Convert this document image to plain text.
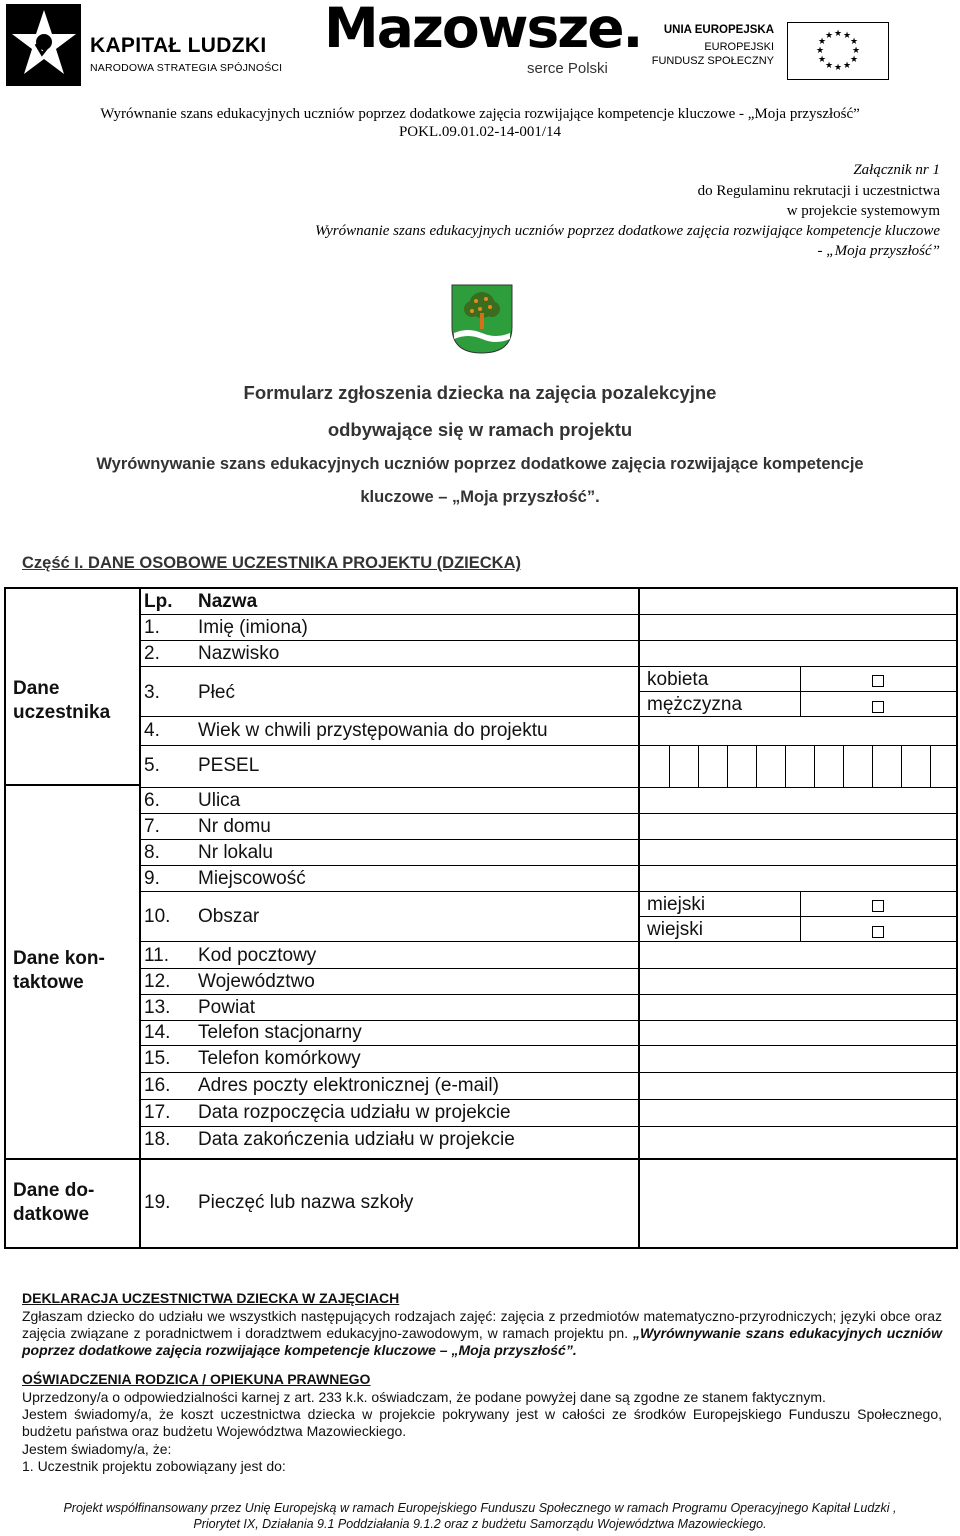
KAPITAŁ LUDZKI
NARODOWA STRATEGIA SPÓJNOŚCI
Mazowsze.
serce Polski
UNIA EUROPEJSKA
EUROPEJSKI
FUNDUSZ SPOŁECZNY
★ ★
★
★
★
★
★
★
★
★
★
★
Wyrównanie szans edukacyjnych uczniów poprzez dodatkowe zajęcia rozwijające kompetencje kluczowe - „Moja przyszłość”
POKL.09.01.02-14-001/14
Załącznik nr 1
do Regulaminu rekrutacji i uczestnictwa
w projekcie systemowym
Wyrównanie szans edukacyjnych uczniów poprzez dodatkowe zajęcia rozwijające kompetencje kluczowe
- „Moja przyszłość”
Formularz zgłoszenia dziecka na zajęcia pozalekcyjne
odbywające się w ramach projektu
Wyrównywanie szans edukacyjnych uczniów poprzez dodatkowe zajęcia rozwijające kompetencje
kluczowe – „Moja przyszłość”.
Część I. DANE OSOBOWE UCZESTNIKA PROJEKTU (DZIECKA)
Dane
uczestnika
Dane kon-
taktowe
Dane do-
datkowe
Lp. Nazwa
1. Imię (imiona)
2. Nazwisko
3. Płeć
4. Wiek w chwili przystępowania do projektu
5. PESEL
6. Ulica
7. Nr domu
8. Nr lokalu
9. Miejscowość
10. Obszar
11. Kod pocztowy
12. Województwo
13. Powiat
14. Telefon stacjonarny
15. Telefon komórkowy
16. Adres poczty elektronicznej (e-mail)
17. Data rozpoczęcia udziału w projekcie
18. Data zakończenia udziału w projekcie
19. Pieczęć lub nazwa szkoły
kobieta
mężczyzna
miejski
wiejski
DEKLARACJA UCZESTNICTWA DZIECKA W ZAJĘCIACH
Zgłaszam dziecko do udziału we wszystkich następujących rodzajach zajęć: zajęcia z przedmiotów matematyczno-przyrodniczych; języki obce oraz zajęcia związane z poradnictwem i doradztwem edukacyjno-zawodowym, w ramach projektu pn. „Wyrównywanie szans edukacyjnych uczniów poprzez dodatkowe zajęcia rozwijające kompetencje kluczowe – „Moja przyszłość”.
OŚWIADCZENIA RODZICA / OPIEKUNA PRAWNEGO
Uprzedzony/a o odpowiedzialności karnej z art. 233 k.k. oświadczam, że podane powyżej dane są zgodne ze stanem faktycznym.
Jestem świadomy/a, że koszt uczestnictwa dziecka w projekcie pokrywany jest w całości ze środków Europejskiego Funduszu Społecznego, budżetu państwa oraz budżetu Województwa Mazowieckiego.
Jestem świadomy/a, że:
1. Uczestnik projektu zobowiązany jest do:
Projekt współfinansowany przez Unię Europejską w ramach Europejskiego Funduszu Społecznego w ramach Programu Operacyjnego Kapitał Ludzki ,
Priorytet IX, Działania 9.1 Poddziałania 9.1.2 oraz z budżetu Samorządu Województwa Mazowieckiego.
